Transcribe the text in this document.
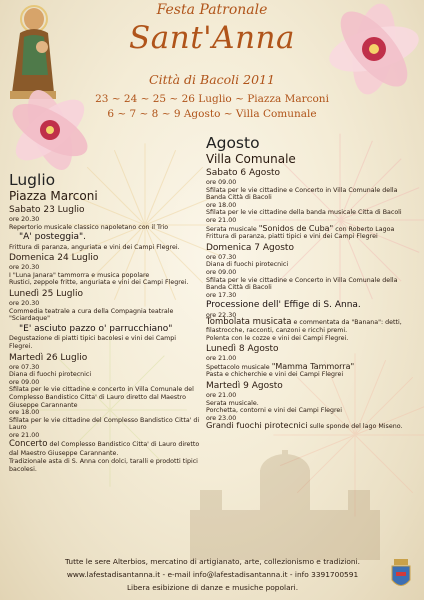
Festa Patronale
Sant'Anna
Città di Bacoli 2011
23 ~ 24 ~ 25 ~ 26 Luglio ~ Piazza Marconi
6 ~ 7 ~ 8 ~ 9 Agosto ~ Villa Comunale
Luglio
Piazza Marconi
Sabato 23 Luglio
ore 20.30
Repertorio musicale classico napoletano con il Trio
"A' posteggia".
Frittura di paranza, anguriata e vini dei Campi Flegrei.
Domenica 24 Luglio
ore 20.30
I "Luna Janara" tammorra e musica popolare
Rustici, zeppole fritte, anguriata e vini dei Campi Flegrei.
Lunedì 25 Luglio
ore 20.30
Commedia teatrale a cura della Compagnia teatrale
"Sciardaque"
"E' asciuto pazzo o' parrucchiano"
Degustazione di piatti tipici bacolesi e vini dei Campi Flegrei.
Martedì 26 Luglio
ore 07.30
Diana di fuochi pirotecnici
ore 09.00
Sfilata per le vie cittadine e concerto in Villa Comunale del Complesso Bandistico Citta' di Lauro diretto dal Maestro Giuseppe Carannante
ore 18.00
Sfilata per le vie cittadine del Complesso Bandistico Citta' di Lauro
ore 21.00
Concerto del Complesso Bandistico Citta' di Lauro diretto dal Maestro Giuseppe Carannante.
Tradizionale asta di S. Anna con dolci, taralli e prodotti tipici bacolesi.
Agosto
Villa Comunale
Sabato 6 Agosto
ore 09.00
Sfilata per le vie cittadine e Concerto in Villa Comunale della Banda Città di Bacoli
ore 18.00
Sfilata per le vie cittadine della banda musicale Citta di Bacoli
ore 21.00
Serata musicale "Sonidos de Cuba" con Roberto Lagoa
Frittura di paranza, piatti tipici e vini dei Campi Flegrei
Domenica 7 Agosto
ore 07.30
Diana di fuochi pirotecnici
ore 09.00
Sfilata per le vie cittadine e Concerto in Villa Comunale della Banda Città di Bacoli
ore 17.30
Processione dell' Effige di S. Anna.
ore 22.30
Tombolata musicata e commentata da "Banana": detti, filastrocche, racconti, canzoni e ricchi premi.
Polenta con le cozze e vini dei Campi Flegrei.
Lunedì 8 Agosto
ore 21.00
Spettacolo musicale "Mamma Tammorra"
Pasta e chicherchie e vini dei Campi Flegrei
Martedì 9 Agosto
ore 21.00
Serata musicale.
Porchetta, contorni e vini dei Campi Flegrei
ore 23.00
Grandi fuochi pirotecnici sulle sponde del lago Miseno.
Tutte le sere Alterbios, mercatino di artigianato, arte, collezionismo e tradizioni.
www.lafestadisantanna.it - e-mail info@lafestadisantanna.it - info 3391700591
Libera esibizione di danze e musiche popolari.
